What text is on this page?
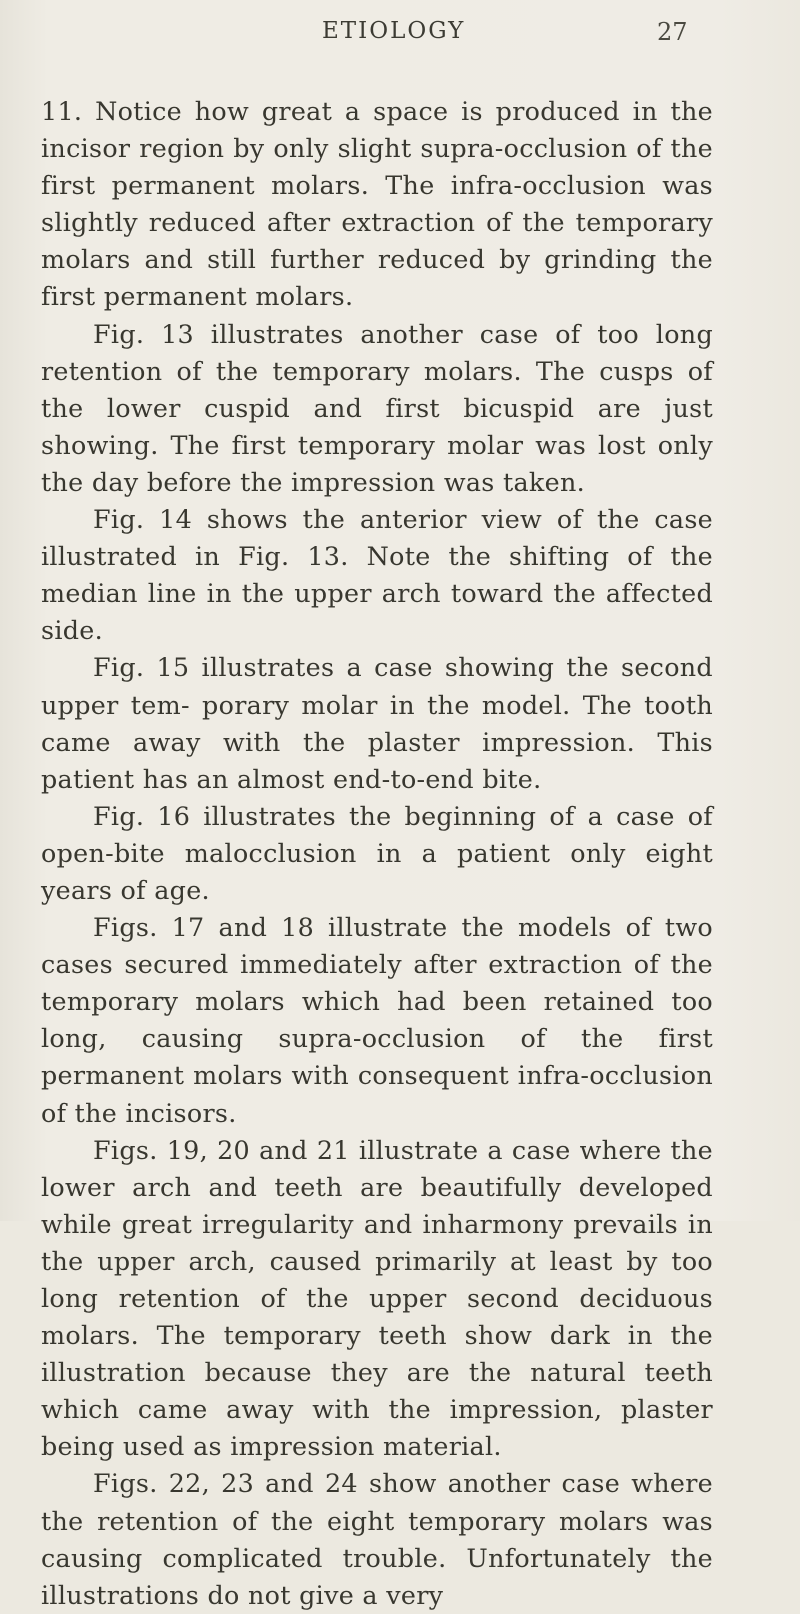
ETIOLOGY	27

11. Notice how great a space is produced in the incisor region by only slight supra-occlusion of the first permanent molars. The infra-occlusion was slightly reduced after extraction of the temporary molars and still further reduced by grinding the first permanent molars.

Fig. 13 illustrates another case of too long retention of the temporary molars. The cusps of the lower cuspid and first bicuspid are just showing. The first temporary molar was lost only the day before the impression was taken.

Fig. 14 shows the anterior view of the case illustrated in Fig. 13. Note the shifting of the median line in the upper arch toward the affected side.

Fig. 15 illustrates a case showing the second upper tem- porary molar in the model. The tooth came away with the plaster impression. This patient has an almost end-to-end bite.

Fig. 16 illustrates the beginning of a case of open-bite malocclusion in a patient only eight years of age.

Figs. 17 and 18 illustrate the models of two cases secured immediately after extraction of the temporary molars which had been retained too long, causing supra-occlusion of the first permanent molars with consequent infra-occlusion of the incisors.

Figs. 19, 20 and 21 illustrate a case where the lower arch and teeth are beautifully developed while great irregularity and inharmony prevails in the upper arch, caused primarily at least by too long retention of the upper second deciduous molars. The temporary teeth show dark in the illustration because they are the natural teeth which came away with the impression, plaster being used as impression material.

Figs. 22, 23 and 24 show another case where the retention of the eight temporary molars was causing complicated trouble. Unfortunately the illustrations do not give a very
